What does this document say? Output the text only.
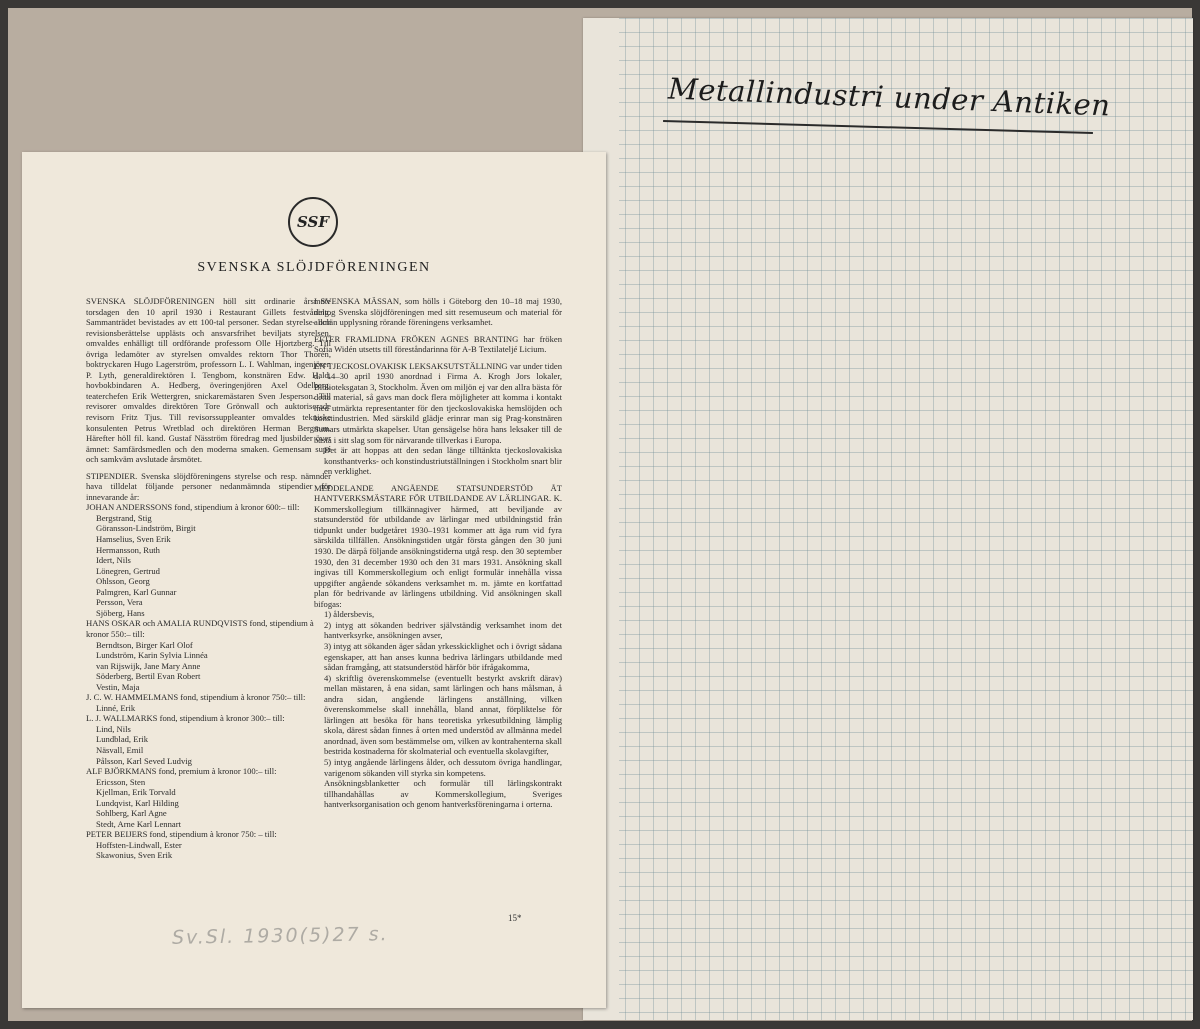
Metallindustri under Antiken
SSF
SVENSKA SLÖJDFÖRENINGEN

SVENSKA SLÖJDFÖRENINGEN höll sitt ordinarie årsmöte torsdagen den 10 april 1930 i Restaurant Gillets festvåning. Sammanträdet bevistades av ett 100-tal personer. Sedan styrelse- och revisionsberättelse upplästs och ansvarsfrihet beviljats styrelsen, omvaldes enhälligt till ordförande professorn Olle Hjortzberg. Till övriga ledamöter av styrelsen omvaldes rektorn Thor Thorén, boktryckaren Hugo Lagerström, professorn L. I. Wahlman, ingenjören P. Lyth, generaldirektören I. Tengbom, konstnären Edw. Hald, hovbokbindaren A. Hedberg, överingenjören Axel Odelberg, teaterchefen Erik Wettergren, snickaremästaren Sven Jesperson. Till revisorer omvaldes direktören Tore Grönwall och auktoriserade revisorn Fritz Tjus. Till revisorssuppleanter omvaldes tekniske konsulenten Petrus Wretblad och direktören Herman Bergman. Härefter höll fil. kand. Gustaf Näsström föredrag med ljusbilder över ämnet: Samfärdsmedlen och den moderna smaken. Gemensam supé och samkväm avslutade årsmötet.

STIPENDIER. Svenska slöjdföreningens styrelse och resp. nämnder hava tilldelat följande personer nedanmämnda stipendier för innevarande år:

JOHAN ANDERSSONS fond, stipendium à kronor 600:– till:

Bergstrand, Stig

Göransson-Lindström, Birgit

Hamselius, Sven Erik

Hermansson, Ruth

Idert, Nils

Lönegren, Gertrud

Ohlsson, Georg

Palmgren, Karl Gunnar

Persson, Vera

Sjöberg, Hans

HANS OSKAR och AMALIA RUNDQVISTS fond, stipendium à kronor 550:– till:

Berndtson, Birger Karl Olof

Lundström, Karin Sylvia Linnéa

van Rijswijk, Jane Mary Anne

Söderberg, Bertil Evan Robert

Vestin, Maja

J. C. W. HAMMELMANS fond, stipendium à kronor 750:– till:

Linné, Erik

L. J. WALLMARKS fond, stipendium à kronor 300:– till:

Lind, Nils

Lundblad, Erik

Näsvall, Emil

Pålsson, Karl Seved Ludvig

ALF BJÖRKMANS fond, premium à kronor 100:– till:

Ericsson, Sten

Kjellman, Erik Torvald

Lundqvist, Karl Hilding

Sohlberg, Karl Agne

Stedt, Arne Karl Lennart

PETER BEIJERS fond, stipendium à kronor 750: – till:

Hoffsten-Lindwall, Ester

Skawonius, Sven Erik

I SVENSKA MÄSSAN, som hölls i Göteborg den 10–18 maj 1930, deltog Svenska slöjdföreningen med sitt resemuseum och material för allmän upplysning rörande föreningens verksamhet.

EFTER FRAMLIDNA FRÖKEN AGNES BRANTING har fröken Sofia Widén utsetts till föreståndarinna för A-B Textilateljé Licium.

EN TJECKOSLOVAKISK LEKSAKSUTSTÄLLNING var under tiden d. 14–30 april 1930 anordnad i Firma A. Krogh Jors lokaler, Biblioteksgatan 3, Stockholm. Även om miljön ej var den allra bästa för detta material, så gavs man dock flera möjligheter att komma i kontakt med utmärkta representanter för den tjeckoslovakiska hemslöjden och konstindustrien. Med särskild glädje erinrar man sig Prag-konstnären Sutnars utmärkta skapelser. Utan gensägelse höra hans leksaker till de bästa i sitt slag som för närvarande tillverkas i Europa.

Det är att hoppas att den sedan länge tilltänkta tjeckoslovakiska konsthantverks- och konstindustriutställningen i Stockholm snart blir en verklighet.

MEDDELANDE ANGÅENDE STATSUNDERSTÖD ÅT HANTVERKSMÄSTARE FÖR UTBILDANDE AV LÄRLINGAR. K. Kommerskollegium tillkännagiver härmed, att beviljande av statsunderstöd för utbildande av lärlingar med utbildningstid från tidpunkt under budgetåret 1930–1931 kommer att äga rum vid fyra särskilda tillfällen. Ansökningstiden utgår första gången den 30 juni 1930. De därpå följande ansökningstiderna utgå resp. den 30 september 1930, den 31 december 1930 och den 31 mars 1931. Ansökning skall ingivas till Kommerskollegium och enligt formulär innehålla vissa uppgifter angående sökandens verksamhet m. m. jämte en kortfattad plan för bedrivande av lärlingens utbildning. Vid ansökningen skall bifogas:

1) åldersbevis,

2) intyg att sökanden bedriver självständig verksamhet inom det hantverksyrke, ansökningen avser,

3) intyg att sökanden äger sådan yrkesskicklighet och i övrigt sådana egenskaper, att han anses kunna bedriva lärlingars utbildande med sådan framgång, att statsunderstöd härför bör ifrågakomma,

4) skriftlig överenskommelse (eventuellt bestyrkt avskrift därav) mellan mästaren, å ena sidan, samt lärlingen och hans målsman, å andra sidan, angående lärlingens anställning, vilken överenskommelse skall innehålla, bland annat, förpliktelse för lärlingen att besöka för hans teoretiska yrkesutbildning lämplig skola, därest sådan finnes å orten med understöd av allmänna medel anordnad, även som bestämmelse om, vilken av kontrahenterna skall bestrida kostnaderna för skolmaterial och eventuella skolavgifter,

5) intyg angående lärlingens ålder, och dessutom övriga handlingar, varigenom sökanden vill styrka sin kompetens.

Ansökningsblanketter och formulär till lärlingskontrakt tillhandahållas av Kommerskollegium, Sveriges hantverksorganisation och genom hantverksföreningarna i orterna.

15*
Sv.Sl. 1930(5)27 s.
